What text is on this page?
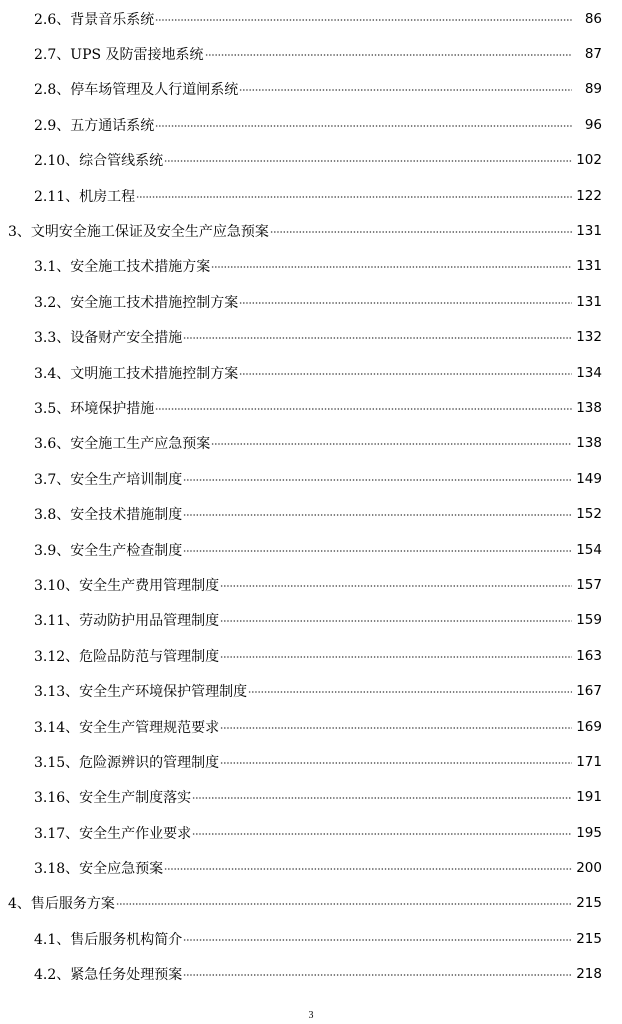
2.6、背景音乐系统	86
2.7、UPS 及防雷接地系统	87
2.8、停车场管理及人行道闸系统	89
2.9、五方通话系统	96
2.10、综合管线系统	102
2.11、机房工程	122
3、文明安全施工保证及安全生产应急预案	131
3.1、安全施工技术措施方案	131
3.2、安全施工技术措施控制方案	131
3.3、设备财产安全措施	132
3.4、文明施工技术措施控制方案	134
3.5、环境保护措施	138
3.6、安全施工生产应急预案	138
3.7、安全生产培训制度	149
3.8、安全技术措施制度	152
3.9、安全生产检查制度	154
3.10、安全生产费用管理制度	157
3.11、劳动防护用品管理制度	159
3.12、危险品防范与管理制度	163
3.13、安全生产环境保护管理制度	167
3.14、安全生产管理规范要求	169
3.15、危险源辨识的管理制度	171
3.16、安全生产制度落实	191
3.17、安全生产作业要求	195
3.18、安全应急预案	200
4、售后服务方案	215
4.1、售后服务机构简介	215
4.2、紧急任务处理预案	218
3
